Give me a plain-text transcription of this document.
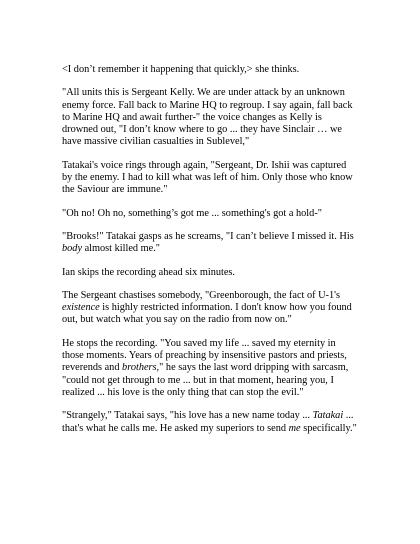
<I don’t remember it happening that quickly,> she thinks.

"All units this is Sergeant Kelly. We are under attack by an unknown enemy force. Fall back to Marine HQ to regroup. I say again, fall back to Marine HQ and await further-" the voice changes as Kelly is drowned out, "I don’t know where to go ... they have Sinclair … we have massive civilian casualties in Sublevel,"

Tatakai's voice rings through again, "Sergeant, Dr. Ishii was captured by the enemy. I had to kill what was left of him. Only those who know the Saviour are immune."

"Oh no! Oh no, something’s got me ... something's got a hold-"

"Brooks!" Tatakai gasps as he screams, "I can’t believe I missed it. His body almost killed me."

Ian skips the recording ahead six minutes.

The Sergeant chastises somebody, "Greenborough, the fact of U-1's existence is highly restricted information. I don't know how you found out, but watch what you say on the radio from now on."

He stops the recording. "You saved my life ... saved my eternity in those moments. Years of preaching by insensitive pastors and priests, reverends and brothers," he says the last word dripping with sarcasm, "could not get through to me ... but in that moment, hearing you, I realized ... his love is the only thing that can stop the evil."

"Strangely," Tatakai says, "his love has a new name today ... Tatakai ... that's what he calls me. He asked my superiors to send me specifically."
